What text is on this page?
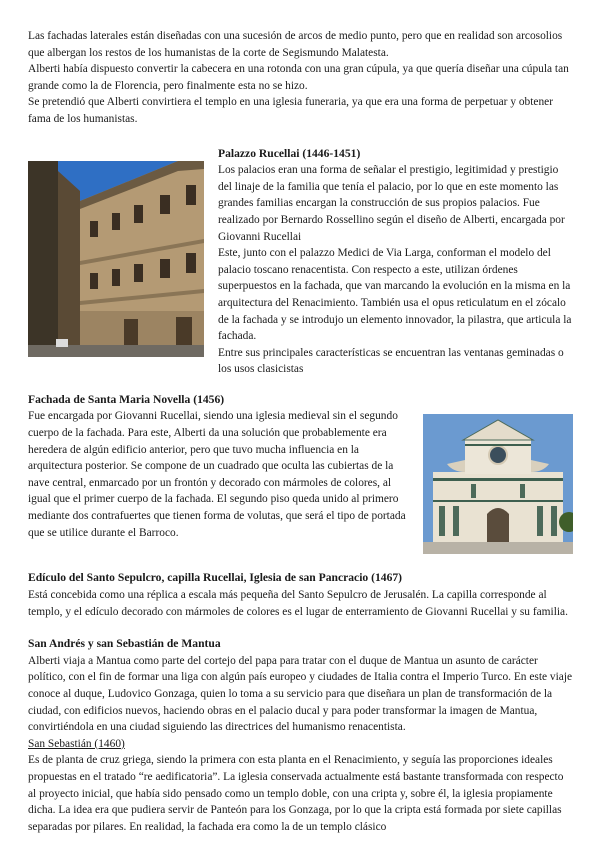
Las fachadas laterales están diseñadas con una sucesión de arcos de medio punto, pero que en realidad son arcosolios que albergan los restos de los humanistas de la corte de Segismundo Malatesta.

Alberti había dispuesto convertir la cabecera en una rotonda con una gran cúpula, ya que quería diseñar una cúpula tan grande como la de Florencia, pero finalmente esta no se hizo.

Se pretendió que Alberti convirtiera el templo en una iglesia funeraria, ya que era una forma de perpetuar y obtener fama de los humanistas.

Palazzo Rucellai (1446-1451)

Los palacios eran una forma de señalar el prestigio, legitimidad y prestigio del linaje de la familia que tenía el palacio, por lo que en este momento las grandes familias encargan la construcción de sus propios palacios. Fue realizado por Bernardo Rossellino según el diseño de Alberti, encargada por Giovanni Rucellai

Este, junto con el palazzo Medici de Via Larga, conforman el modelo del palacio toscano renacentista. Con respecto a este, utilizan órdenes superpuestos en la fachada, que van marcando la evolución en la misma en la arquitectura del Renacimiento. También usa el opus reticulatum en el zócalo de la fachada y se introdujo un elemento innovador, la pilastra, que articula la fachada.

Entre sus principales características se encuentran las ventanas geminadas o los usos clasicistas

Fachada de Santa Maria Novella (1456)

Fue encargada por Giovanni Rucellai, siendo una iglesia medieval sin el segundo cuerpo de la fachada. Para este, Alberti da una solución que probablemente era heredera de algún edificio anterior, pero que tuvo mucha influencia en la arquitectura posterior. Se compone de un cuadrado que oculta las cubiertas de la nave central, enmarcado por un frontón y decorado con mármoles de colores, al igual que el primer cuerpo de la fachada. El segundo piso queda unido al primero mediante dos contrafuertes que tienen forma de volutas, que será el tipo de portada que se utilice durante el Barroco.

Edículo del Santo Sepulcro, capilla Rucellai, Iglesia de san Pancracio (1467)

Está concebida como una réplica a escala más pequeña del Santo Sepulcro de Jerusalén. La capilla corresponde al templo, y el edículo decorado con mármoles de colores es el lugar de enterramiento de Giovanni Rucellai y su familia.

San Andrés y san Sebastián de Mantua

Alberti viaja a Mantua como parte del cortejo del papa para tratar con el duque de Mantua un asunto de carácter político, con el fin de formar una liga con algún país europeo y ciudades de Italia contra el Imperio Turco. En este viaje conoce al duque, Ludovico Gonzaga, quien lo toma a su servicio para que diseñara un plan de transformación de la ciudad, con edificios nuevos, haciendo obras en el palacio ducal y para poder transformar la imagen de Mantua, convirtiéndola en una ciudad siguiendo las directrices del humanismo renacentista.

San Sebastián (1460)

Es de planta de cruz griega, siendo la primera con esta planta en el Renacimiento, y seguía las proporciones ideales propuestas en el tratado “re aedificatoria”. La iglesia conservada actualmente está bastante transformada con respecto al proyecto inicial, que había sido pensado como un templo doble, con una cripta y, sobre él, la iglesia propiamente dicha. La idea era que pudiera servir de Panteón para los Gonzaga, por lo que la cripta está formada por siete capillas separadas por pilares. En realidad, la fachada era como la de un templo clásico
